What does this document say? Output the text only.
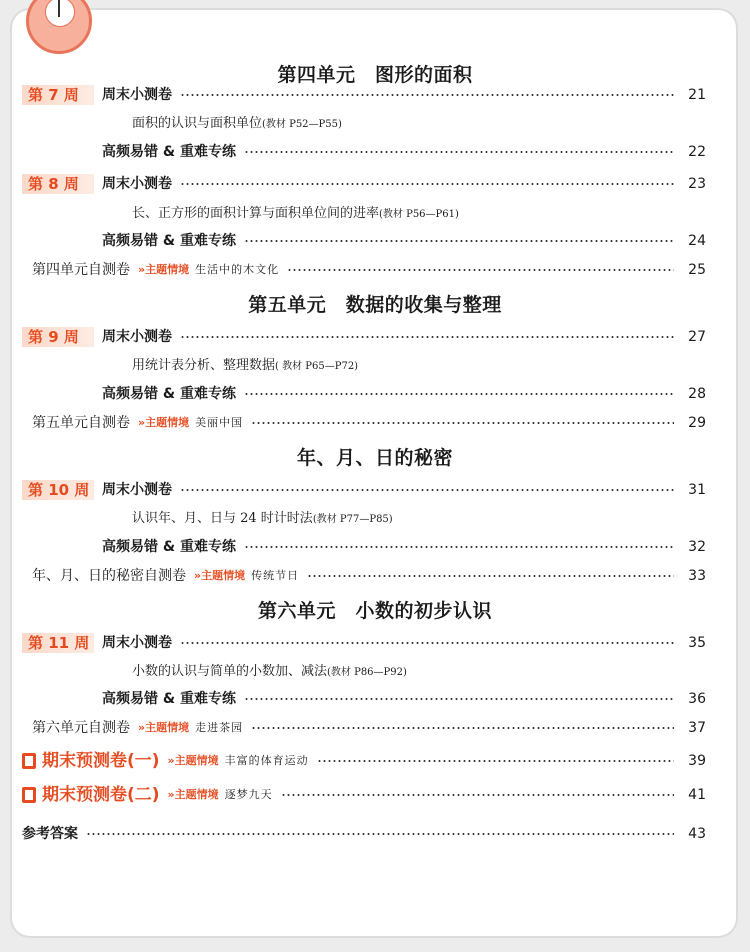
第四单元　图形的面积
第 7 周	周末小测卷	21
面积的认识与面积单位(教材 P52—P55)
高频易错 & 重难专练	22
第 8 周	周末小测卷	23
长、正方形的面积计算与面积单位间的进率(教材 P56—P61)
高频易错 & 重难专练	24
第四单元自测卷 »主题情境 生活中的木文化	25
第五单元　数据的收集与整理
第 9 周	周末小测卷	27
用统计表分析、整理数据( 教材 P65—P72)
高频易错 & 重难专练	28
第五单元自测卷 »主题情境 美丽中国	29
年、月、日的秘密
第 10 周 周末小测卷	31
认识年、月、日与 24 时计时法(教材 P77—P85)
高频易错 & 重难专练	32
年、月、日的秘密自测卷 »主题情境 传统节日	33
第六单元　小数的初步认识
第 11 周 周末小测卷	35
小数的认识与简单的小数加、减法(教材 P86—P92)
高频易错 & 重难专练	36
第六单元自测卷 »主题情境 走进茶园	37
期末预测卷(一) »主题情境 丰富的体育运动	39
期末预测卷(二) »主题情境 逐梦九天	41
参考答案	43
